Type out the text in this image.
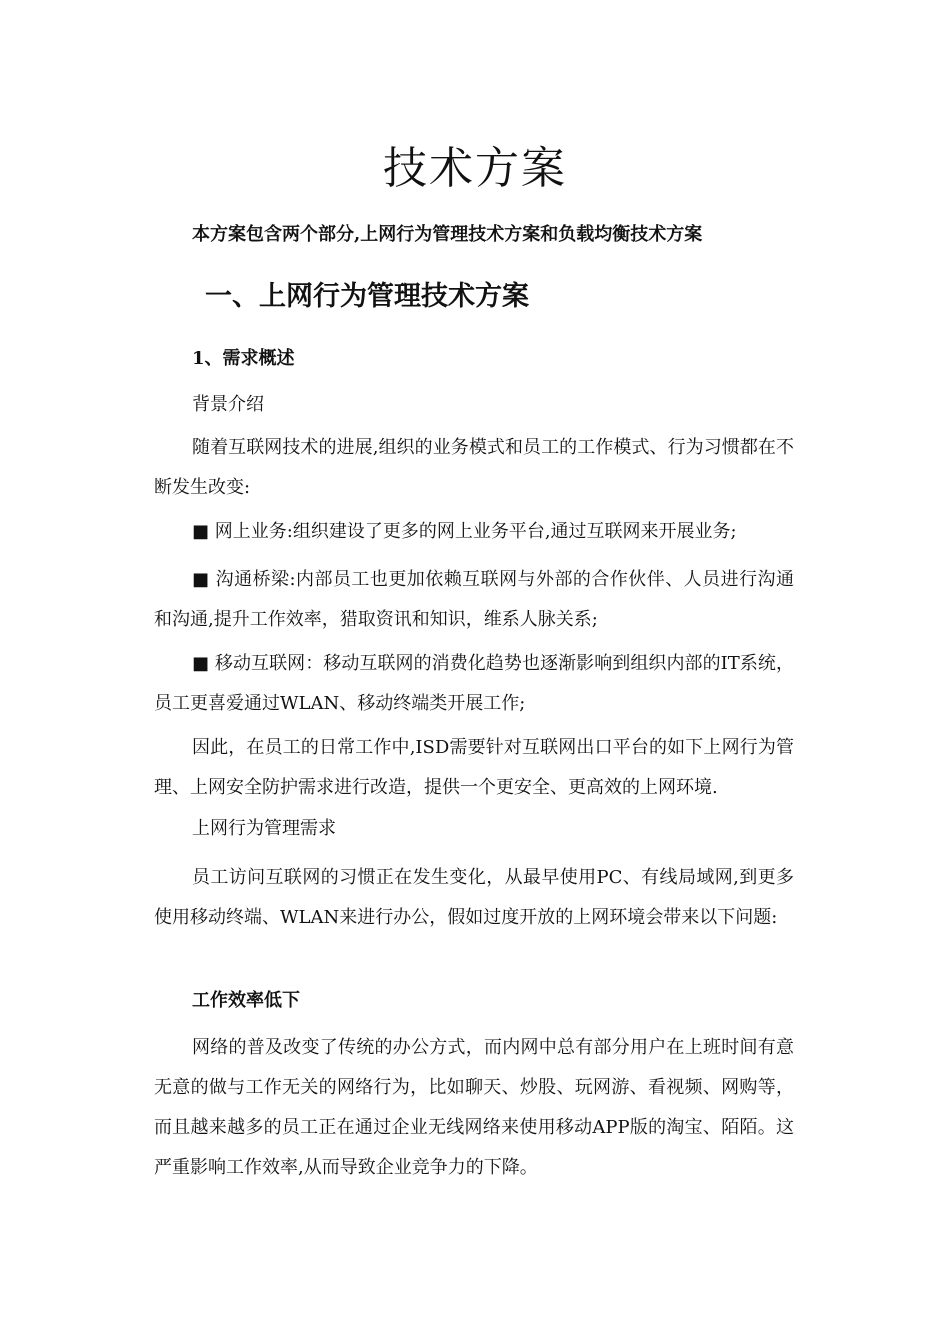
技术方案

本方案包含两个部分,上网行为管理技术方案和负载均衡技术方案

一、上网行为管理技术方案
1、需求概述

背景介绍

随着互联网技术的进展,组织的业务模式和员工的工作模式、行为习惯都在不断发生改变:

■ 网上业务:组织建设了更多的网上业务平台,通过互联网来开展业务;

■ 沟通桥梁:内部员工也更加依赖互联网与外部的合作伙伴、人员进行沟通和沟通,提升工作效率，猎取资讯和知识，维系人脉关系;

■ 移动互联网：移动互联网的消费化趋势也逐渐影响到组织内部的IT系统，员工更喜爱通过WLAN、移动终端类开展工作;

因此，在员工的日常工作中,ISD需要针对互联网出口平台的如下上网行为管理、上网安全防护需求进行改造，提供一个更安全、更高效的上网环境.

上网行为管理需求

员工访问互联网的习惯正在发生变化，从最早使用PC、有线局域网,到更多使用移动终端、WLAN来进行办公，假如过度开放的上网环境会带来以下问题:

工作效率低下

网络的普及改变了传统的办公方式，而内网中总有部分用户在上班时间有意无意的做与工作无关的网络行为，比如聊天、炒股、玩网游、看视频、网购等，而且越来越多的员工正在通过企业无线网络来使用移动APP版的淘宝、陌陌。这严重影响工作效率,从而导致企业竞争力的下降。
